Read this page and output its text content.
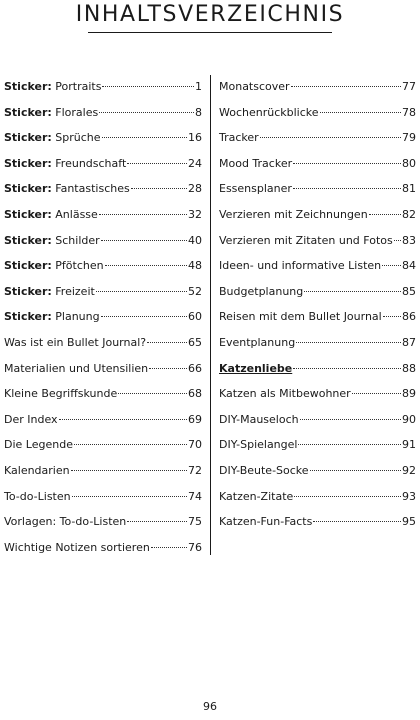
INHALTSVERZEICHNIS
Sticker: Portraits	1
Sticker: Florales	8
Sticker: Sprüche	16
Sticker: Freundschaft	24
Sticker: Fantastisches	28
Sticker: Anlässe	32
Sticker: Schilder	40
Sticker: Pfötchen	48
Sticker: Freizeit	52
Sticker: Planung	60
Was ist ein Bullet Journal?	65
Materialien und Utensilien	66
Kleine Begriffskunde	68
Der Index	69
Die Legende	70
Kalendarien	72
To-do-Listen	74
Vorlagen: To-do-Listen	75
Wichtige Notizen sortieren	76
Monatscover	77
Wochenrückblicke	78
Tracker	79
Mood Tracker	80
Essensplaner	81
Verzieren mit Zeichnungen	82
Verzieren mit Zitaten und Fotos 83
Ideen- und informative Listen 84
Budgetplanung	85
Reisen mit dem Bullet Journal 86
Eventplanung	87
Katzenliebe	88
Katzen als Mitbewohner	89
DIY-Mauseloch	90
DIY-Spielangel	91
DIY-Beute-Socke	92
Katzen-Zitate	93
Katzen-Fun-Facts	95
96
